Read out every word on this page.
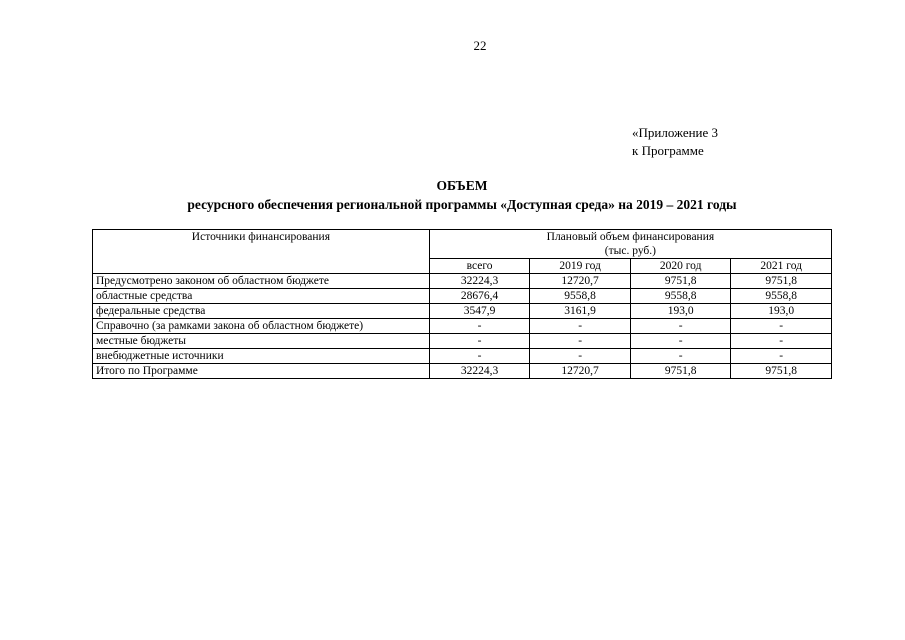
22
«Приложение 3
к Программе
ОБЪЕМ
ресурсного обеспечения региональной программы «Доступная среда» на 2019 – 2021 годы
Источники финансирования	Плановый объем финансирования
(тыс. руб.)			

	всего	2019 год	2020 год	2021 год
Предусмотрено законом об областном бюджете	32224,3	12720,7	9751,8	9751,8
областные средства	28676,4	9558,8	9558,8	9558,8
федеральные средства	3547,9	3161,9	193,0	193,0
Справочно (за рамками закона об областном бюджете)	-	-	-	-
местные бюджеты	-	-	-	-
внебюджетные источники	-	-	-	-
Итого по Программе	32224,3	12720,7	9751,8	9751,8
